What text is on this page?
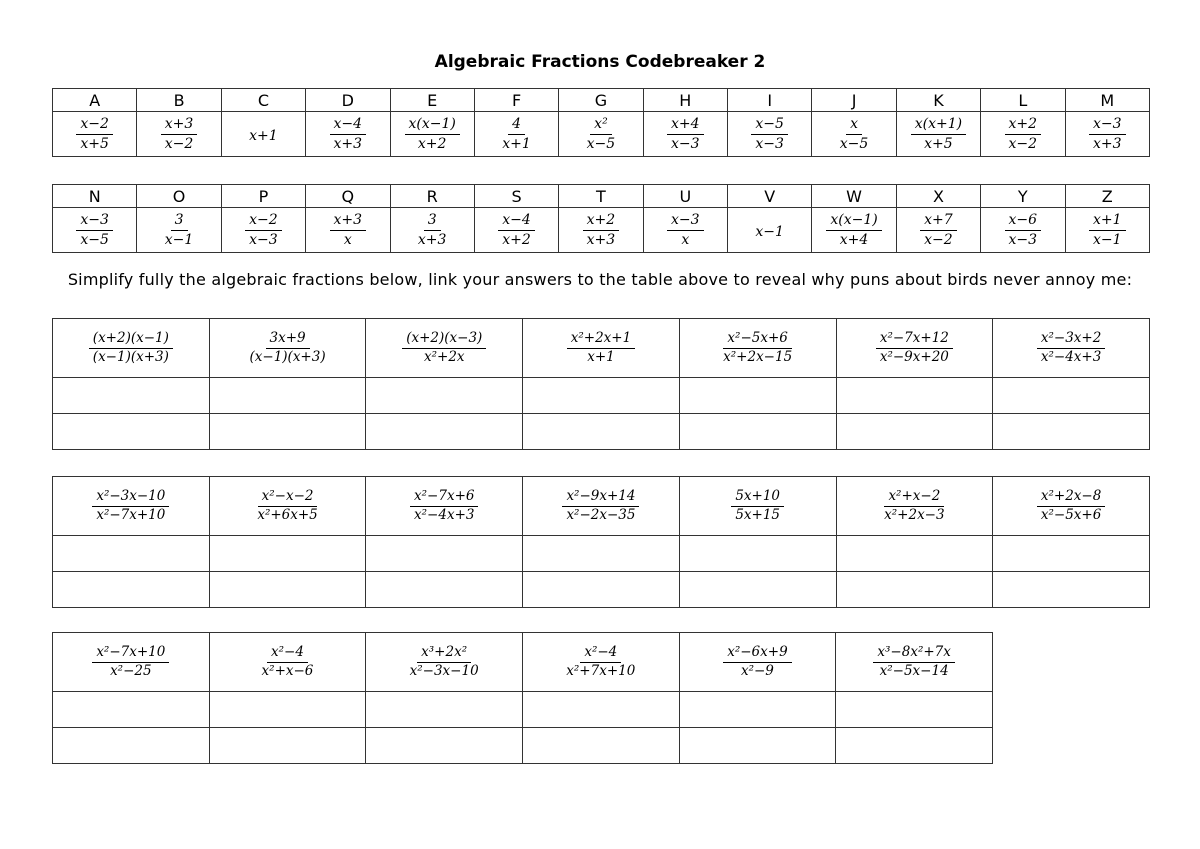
Algebraic Fractions Codebreaker 2
A	B	C	D	E	F	G	H	I	J	K	L	M

$\frac{x-2}{x+5}$	$\frac{x+3}{x-2}$	x+1	$\frac{x-4}{x+3}$	$\frac{x(x-1)}{x+2}$	$\frac{4}{x+1}$	$\frac{\text{x²}}{x-5}$	$\frac{x+4}{x-3}$	$\frac{x-5}{x-3}$	$\frac{x}{x-5}$	$\frac{x(x+1)}{x+5}$	$\frac{x+2}{x-2}$	$\frac{x-3}{x+3}$
N	O	P	Q	R	S	T	U	V	W	X	Y	Z

$\frac{x-3}{x-5}$	$\frac{3}{x-1}$	$\frac{x-2}{x-3}$	$\frac{x+3}{x}$	$\frac{3}{x+3}$	$\frac{x-4}{x+2}$	$\frac{x+2}{x+3}$	$\frac{x-3}{x}$	x−1	$\frac{x(x-1)}{x+4}$	$\frac{x+7}{x-2}$	$\frac{x-6}{x-3}$	$\frac{x+1}{x-1}$
Simplify fully the algebraic fractions below, link your answers to the table above to reveal why puns about birds never annoy me:
$\frac{(x+2)(x-1)}{(x-1)(x+3)}$	$\frac{3x+9}{(x-1)(x+3)}$	$\frac{(x+2)(x-3)}{\text{x²+2x}}$	$\frac{\text{x²+2x+1}}{x+1}$	$\frac{\text{x²−5x+6}}{\text{x²+2x−15}}$	$\frac{\text{x²−7x+12}}{\text{x²−9x+20}}$	$\frac{\text{x²−3x+2}}{\text{x²−4x+3}}$

$\frac{\text{x²−3x−10}}{\text{x²−7x+10}}$	$\frac{\text{x²−x−2}}{\text{x²+6x+5}}$	$\frac{\text{x²−7x+6}}{\text{x²−4x+3}}$	$\frac{\text{x²−9x+14}}{\text{x²−2x−35}}$	$\frac{5x+10}{5x+15}$	$\frac{\text{x²+x−2}}{\text{x²+2x−3}}$	$\frac{\text{x²+2x−8}}{\text{x²−5x+6}}$

$\frac{\text{x²−7x+10}}{\text{x²−25}}$	$\frac{\text{x²−4}}{\text{x²+x−6}}$	$\frac{\text{x³+2x²}}{\text{x²−3x−10}}$	$\frac{\text{x²−4}}{\text{x²+7x+10}}$	$\frac{\text{x²−6x+9}}{\text{x²−9}}$	$\frac{\text{x³−8x²+7x}}{\text{x²−5x−14}}$
